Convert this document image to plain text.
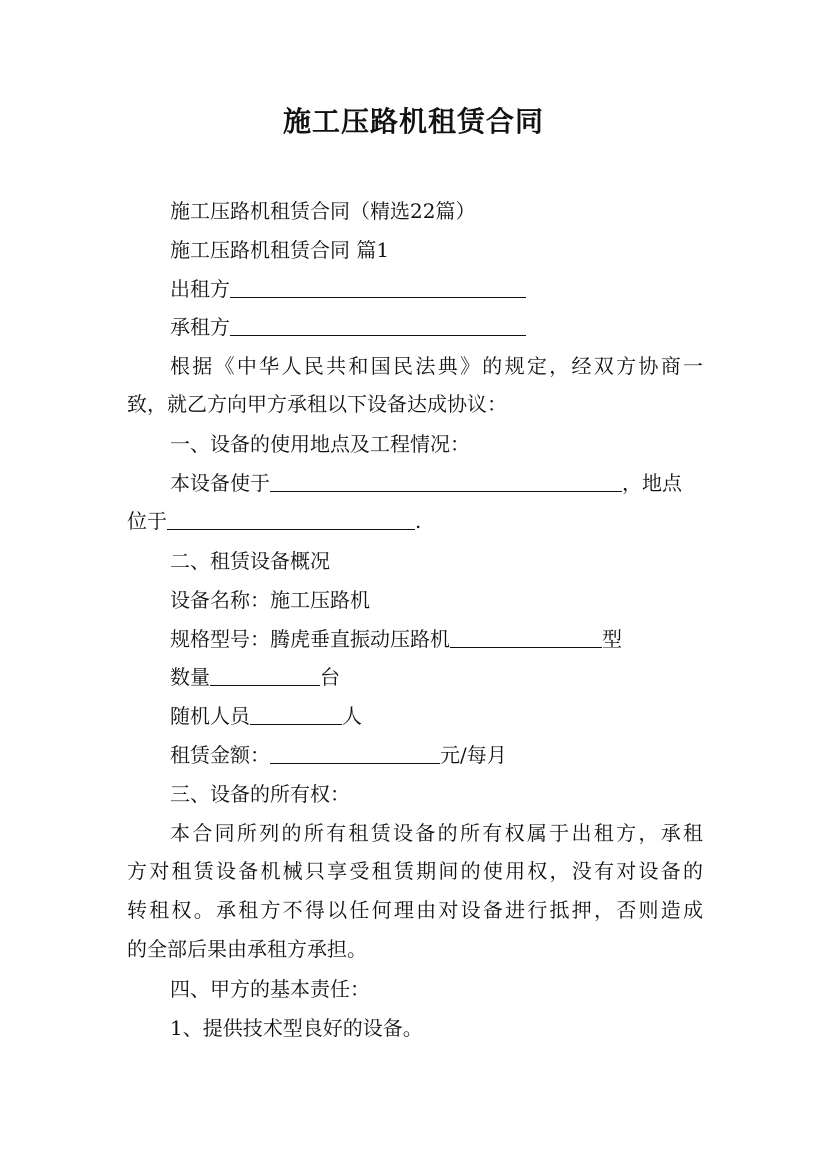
施工压路机租赁合同
施工压路机租赁合同（精选22篇）
施工压路机租赁合同 篇1
出租方
承租方
根据《中华人民共和国民法典》的规定，经双方协商一
致，就乙方向甲方承租以下设备达成协议：
一、设备的使用地点及工程情况：
本设备使于	，地点
位于	.
二、租赁设备概况
设备名称：施工压路机
规格型号：腾虎垂直振动压路机	型
数量	台
随机人员	人
租赁金额：	元/每月
三、设备的所有权：
本合同所列的所有租赁设备的所有权属于出租方，承租
方对租赁设备机械只享受租赁期间的使用权，没有对设备的
转租权。承租方不得以任何理由对设备进行抵押，否则造成
的全部后果由承租方承担。
四、甲方的基本责任：
1、提供技术型良好的设备。
